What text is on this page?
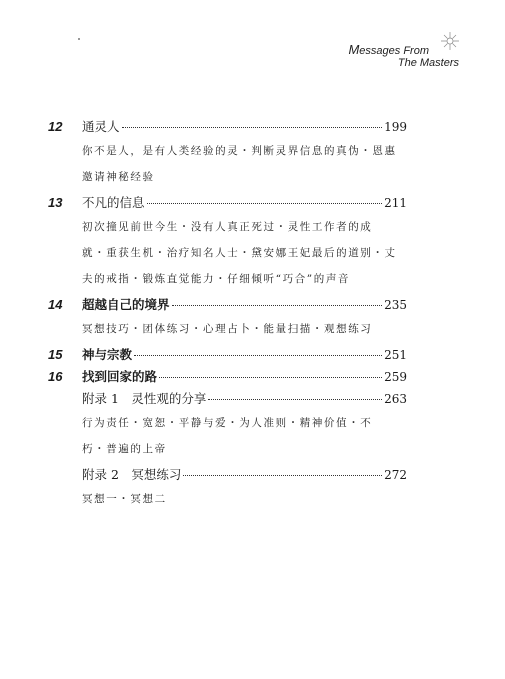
Messages From
The Masters
12	通灵人	199
你不是人，是有人类经验的灵・判断灵界信息的真伪・恩惠
邀请神秘经验
13	不凡的信息	211
初次撞见前世今生・没有人真正死过・灵性工作者的成
就・重获生机・治疗知名人士・黛安娜王妃最后的道别・丈
夫的戒指・锻炼直觉能力・仔细倾听“巧合”的声音
14	超越自己的境界	235
冥想技巧・团体练习・心理占卜・能量扫描・观想练习
15	神与宗教	251
16	找到回家的路	259
附录 1　灵性观的分享	263
行为责任・宽恕・平静与爱・为人准则・精神价值・不
朽・普遍的上帝
附录 2　冥想练习	272
冥想一・冥想二
